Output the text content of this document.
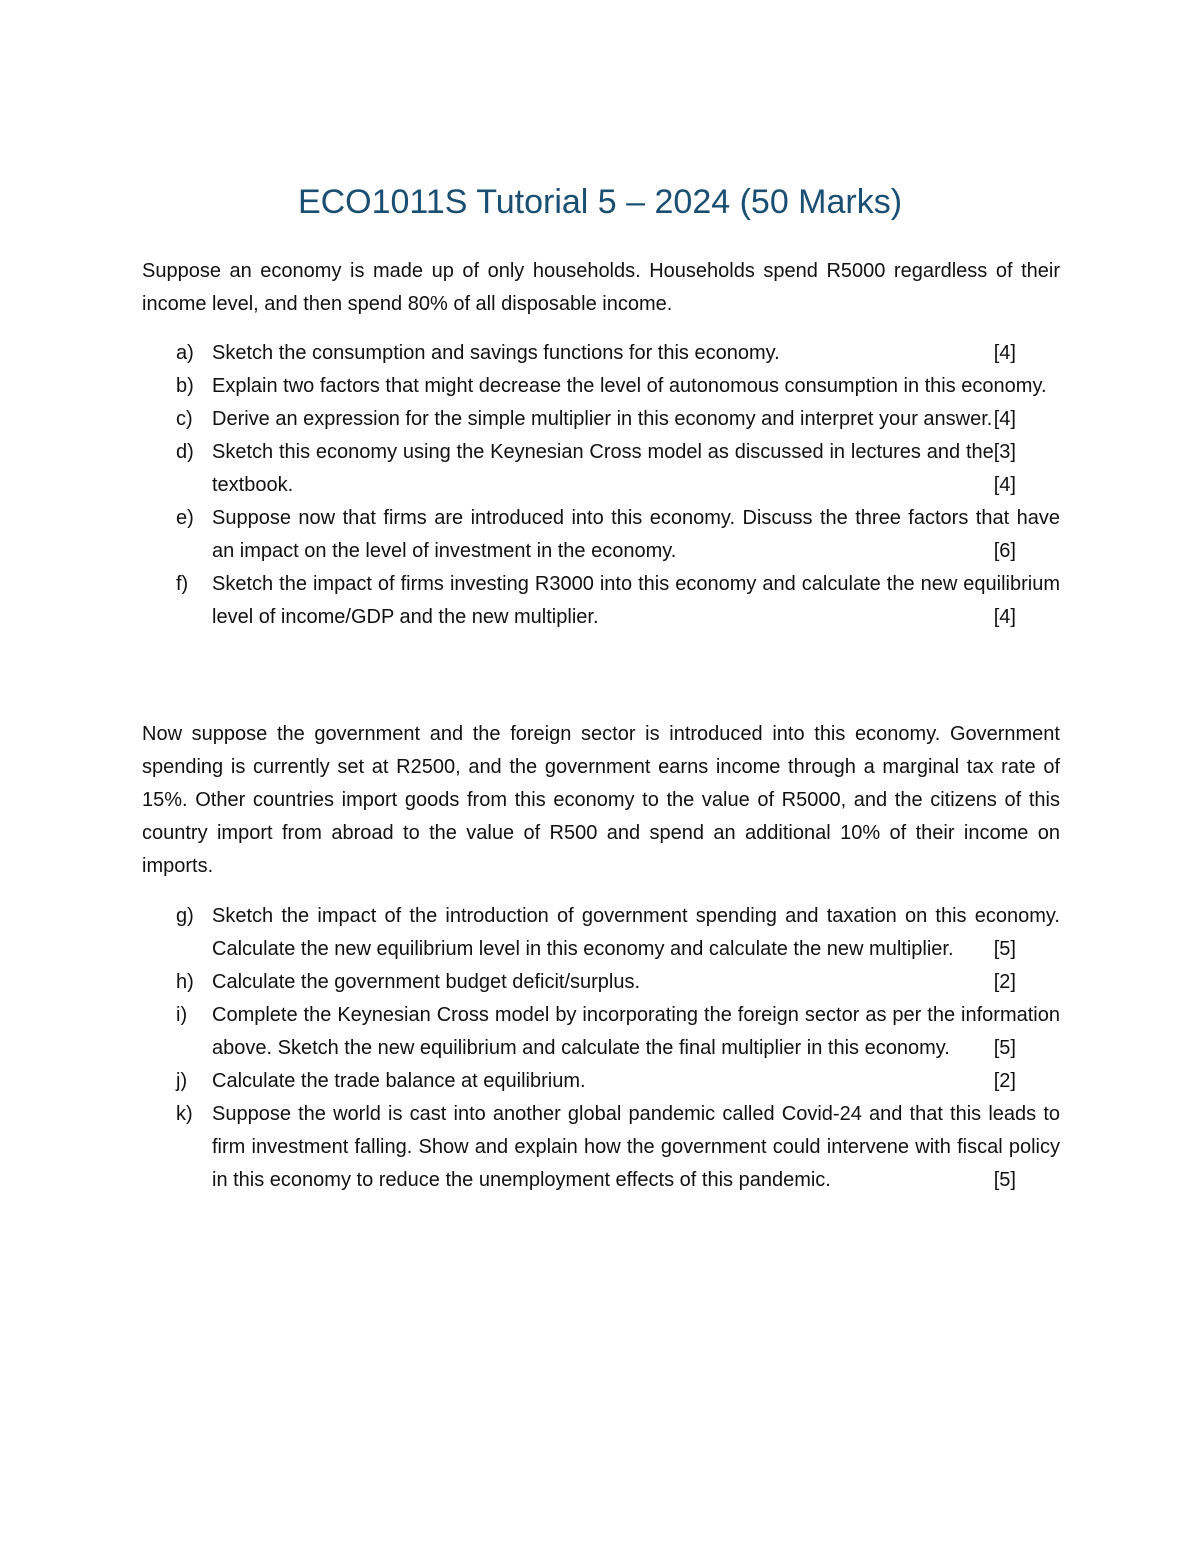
ECO1011S Tutorial 5 – 2024 (50 Marks)

Suppose an economy is made up of only households. Households spend R5000 regardless of their income level, and then spend 80% of all disposable income.

a) Sketch the consumption and savings functions for this economy.	[4]
b) Explain two factors that might decrease the level of autonomous consumption in this economy.
[4]
c) Derive an expression for the simple multiplier in this economy and interpret your answer.
[3]
d) Sketch this economy using the Keynesian Cross model as discussed in lectures and the textbook.	[4]
e) Suppose now that firms are introduced into this economy. Discuss the three factors that have an impact on the level of investment in the economy.	[6]
f) Sketch the impact of firms investing R3000 into this economy and calculate the new equilibrium level of income/GDP and the new multiplier.	[4]

Now suppose the government and the foreign sector is introduced into this economy. Government spending is currently set at R2500, and the government earns income through a marginal tax rate of 15%. Other countries import goods from this economy to the value of R5000, and the citizens of this country import from abroad to the value of R500 and spend an additional 10% of their income on imports.

g) Sketch the impact of the introduction of government spending and taxation on this economy. Calculate the new equilibrium level in this economy and calculate the new multiplier. [5]
h) Calculate the government budget deficit/surplus.	[2]
i) Complete the Keynesian Cross model by incorporating the foreign sector as per the information above. Sketch the new equilibrium and calculate the final multiplier in this economy. [5]
j) Calculate the trade balance at equilibrium.	[2]
k) Suppose the world is cast into another global pandemic called Covid-24 and that this leads to firm investment falling. Show and explain how the government could intervene with fiscal policy in this economy to reduce the unemployment effects of this pandemic.	[5]
